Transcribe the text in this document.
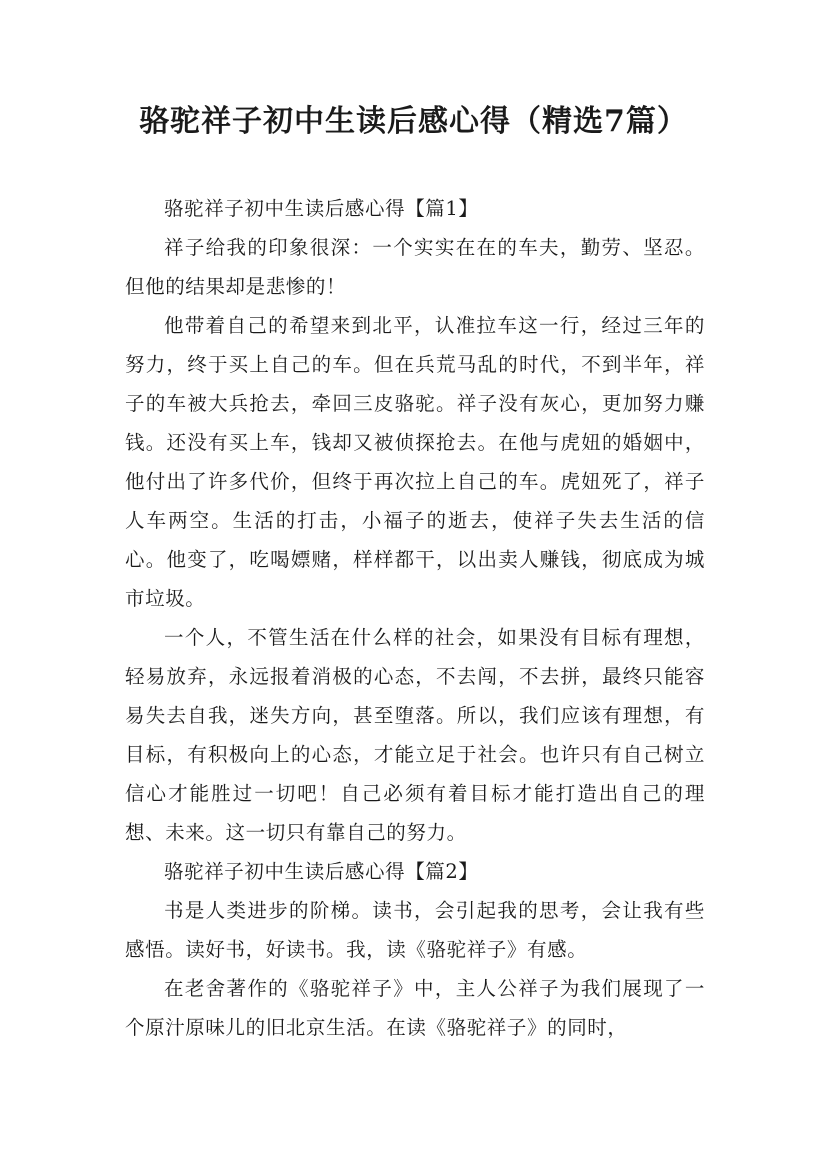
骆驼祥子初中生读后感心得（精选7篇）

骆驼祥子初中生读后感心得【篇1】

祥子给我的印象很深：一个实实在在的车夫，勤劳、坚忍。但他的结果却是悲惨的！

他带着自己的希望来到北平，认准拉车这一行，经过三年的努力，终于买上自己的车。但在兵荒马乱的时代，不到半年，祥子的车被大兵抢去，牵回三皮骆驼。祥子没有灰心，更加努力赚钱。还没有买上车，钱却又被侦探抢去。在他与虎妞的婚姻中，他付出了许多代价，但终于再次拉上自己的车。虎妞死了，祥子人车两空。生活的打击，小福子的逝去，使祥子失去生活的信心。他变了，吃喝嫖赌，样样都干，以出卖人赚钱，彻底成为城市垃圾。

一个人，不管生活在什么样的社会，如果没有目标有理想，轻易放弃，永远报着消极的心态，不去闯，不去拼，最终只能容易失去自我，迷失方向，甚至堕落。所以，我们应该有理想，有目标，有积极向上的心态，才能立足于社会。也许只有自己树立信心才能胜过一切吧！自己必须有着目标才能打造出自己的理想、未来。这一切只有靠自己的努力。

骆驼祥子初中生读后感心得【篇2】

书是人类进步的阶梯。读书，会引起我的思考，会让我有些感悟。读好书，好读书。我，读《骆驼祥子》有感。

在老舍著作的《骆驼祥子》中，主人公祥子为我们展现了一个原汁原味儿的旧北京生活。在读《骆驼祥子》的同时，
